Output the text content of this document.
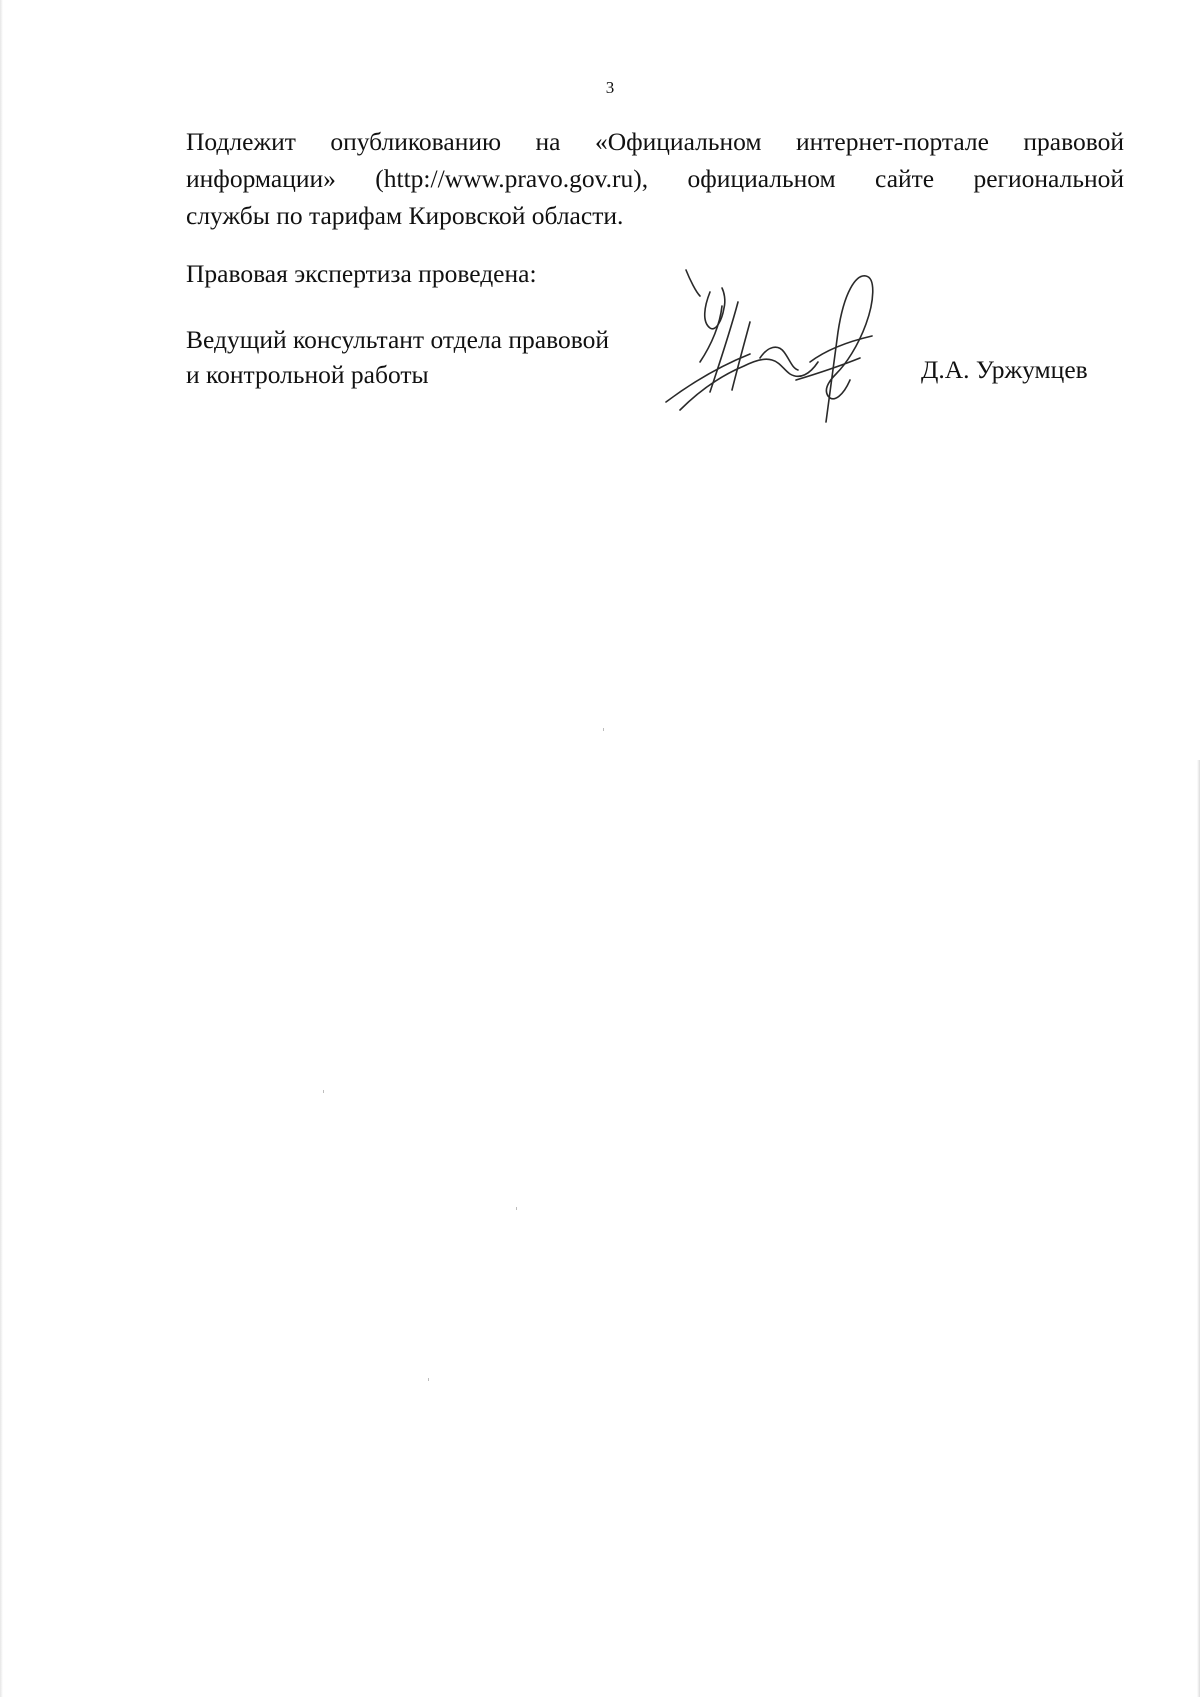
3
Подлежит опубликованию на «Официальном интернет-портале правовой
информации» (http://www.pravo.gov.ru), официальном сайте региональной
службы по тарифам Кировской области.
Правовая экспертиза проведена:
Ведущий консультант отдела правовой
и контрольной работы	Д.А. Уржумцев
